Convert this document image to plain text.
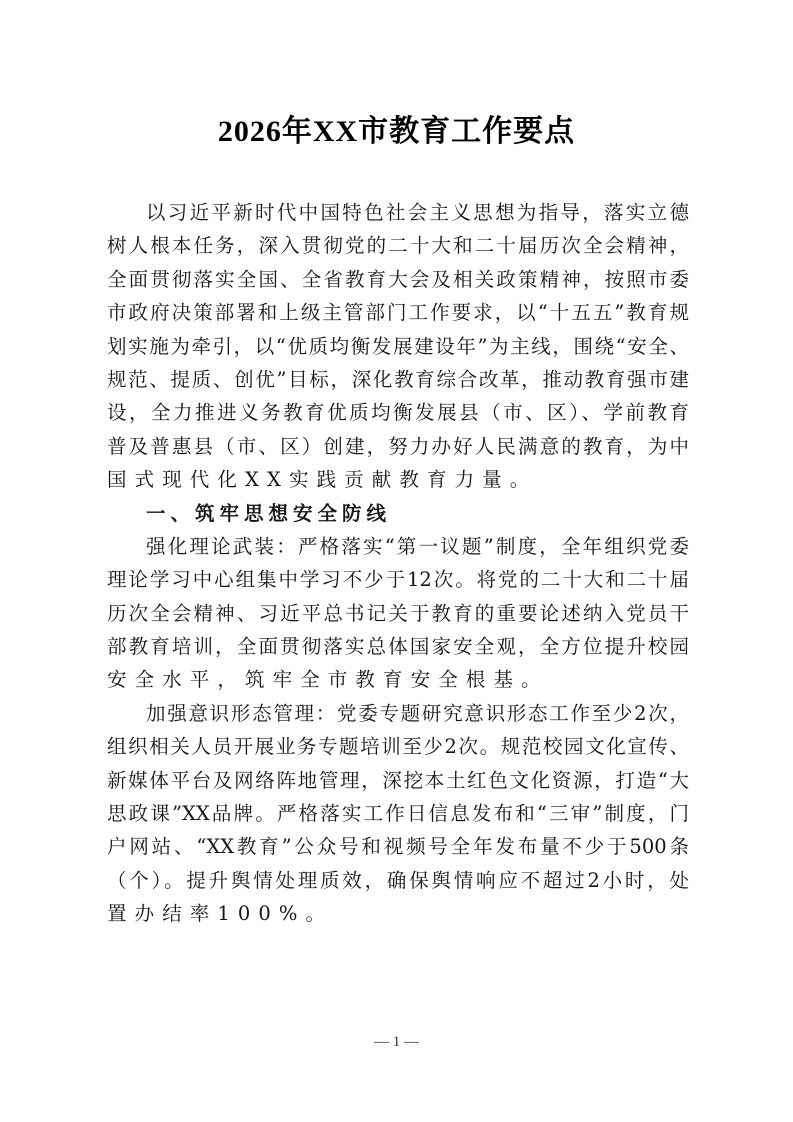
2026年XX市教育工作要点
以习近平新时代中国特色社会主义思想为指导，落实立德
树人根本任务，深入贯彻党的二十大和二十届历次全会精神，
全面贯彻落实全国、全省教育大会及相关政策精神，按照市委
市政府决策部署和上级主管部门工作要求，以“十五五”教育规
划实施为牵引，以“优质均衡发展建设年”为主线，围绕“安全、
规范、提质、创优”目标，深化教育综合改革，推动教育强市建
设，全力推进义务教育优质均衡发展县（市、区）、学前教育
普及普惠县（市、区）创建，努力办好人民满意的教育，为中
国式现代化XX实践贡献教育力量。
一、筑牢思想安全防线
强化理论武装：严格落实“第一议题”制度，全年组织党委
理论学习中心组集中学习不少于12次。将党的二十大和二十届
历次全会精神、习近平总书记关于教育的重要论述纳入党员干
部教育培训，全面贯彻落实总体国家安全观，全方位提升校园
安全水平，筑牢全市教育安全根基。
加强意识形态管理：党委专题研究意识形态工作至少2次，
组织相关人员开展业务专题培训至少2次。规范校园文化宣传、
新媒体平台及网络阵地管理，深挖本土红色文化资源，打造“大
思政课”XX品牌。严格落实工作日信息发布和“三审”制度，门
户网站、“XX教育”公众号和视频号全年发布量不少于500条
（个）。提升舆情处理质效，确保舆情响应不超过2小时，处
置办结率100%。
— 1 —
